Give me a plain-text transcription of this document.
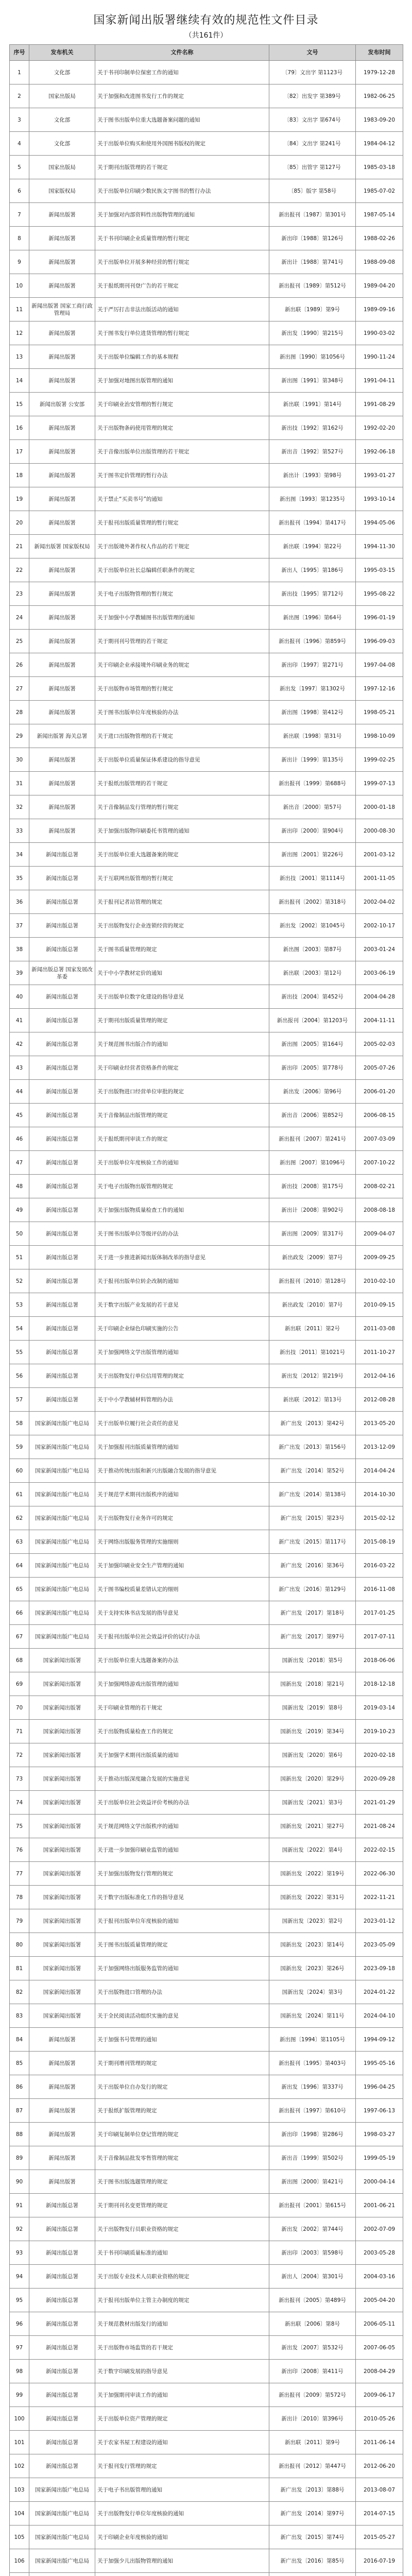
国家新闻出版署继续有效的规范性文件目录
（共161件）
序号	发布机关	文件名称	文号	发布时间
1	文化部	关于书刊印制单位保密工作的通知	〔79〕文出字 第1123号	1979-12-28
2	国家出版局	关于加强和改进图书发行工作的规定	〔82〕出发字 第389号	1982-06-25
3	文化部	关于图书出版单位重大选题备案问题的通知	〔83〕文出字 第674号	1983-09-20
4	文化部	关于出版单位购买和使用外国图书版权的规定	〔84〕文出字 第241号	1984-04-12
5	国家出版局	关于期刊出版管理的若干规定	〔85〕出管字 第127号	1985-03-18
6	国家版权局	关于出版单位印刷少数民族文字图书的暂行办法	〔85〕版字 第58号	1985-07-02
7	新闻出版署	关于加强对内部资料性出版物管理的通知	新出报刊〔1987〕第301号	1987-05-14
8	新闻出版署	关于书刊印刷企业质量管理的暂行规定	新出印〔1988〕第126号	1988-02-26
9	新闻出版署	关于出版单位开展多种经营的暂行规定	新出计〔1988〕第741号	1988-09-08
10	新闻出版署	关于报纸期刊刊登广告的若干规定	新出报刊〔1989〕第512号	1989-04-20
11	新闻出版署 国家工商行政管理局	关于严厉打击非法出版活动的通知	新出联〔1989〕第9号	1989-09-16
12	新闻出版署	关于图书发行单位进货管理的暂行规定	新出发〔1990〕第215号	1990-03-02
13	新闻出版署	关于出版单位编辑工作的基本规程	新出图〔1990〕第1056号	1990-11-24
14	新闻出版署	关于加强对地图出版管理的通知	新出图〔1991〕第348号	1991-04-11
15	新闻出版署 公安部	关于印刷业治安管理的暂行规定	新出联〔1991〕第14号	1991-08-29
16	新闻出版署	关于出版物条码使用管理的规定	新出技〔1992〕第162号	1992-02-20
17	新闻出版署	关于音像出版单位出版管理的若干规定	新出音〔1992〕第527号	1992-06-18
18	新闻出版署	关于图书定价管理的暂行办法	新出计〔1993〕第98号	1993-01-27
19	新闻出版署	关于禁止“买卖书号”的通知	新出图〔1993〕第1235号	1993-10-14
20	新闻出版署	关于报刊出版质量管理的暂行规定	新出报刊〔1994〕第417号	1994-05-06
21	新闻出版署 国家版权局	关于出版境外著作权人作品的若干规定	新出联〔1994〕第22号	1994-11-30
22	新闻出版署	关于出版单位社长总编辑任职条件的规定	新出人〔1995〕第186号	1995-03-15
23	新闻出版署	关于电子出版物管理的暂行规定	新出技〔1995〕第712号	1995-08-22
24	新闻出版署	关于加强中小学教辅图书出版管理的通知	新出图〔1996〕第64号	1996-01-19
25	新闻出版署	关于期刊刊号管理的若干规定	新出报刊〔1996〕第859号	1996-09-03
26	新闻出版署	关于印刷企业承接境外印刷业务的规定	新出印〔1997〕第271号	1997-04-08
27	新闻出版署	关于出版物市场管理的暂行规定	新出发〔1997〕第1302号	1997-12-16
28	新闻出版署	关于图书出版单位年度核验的办法	新出图〔1998〕第412号	1998-05-21
29	新闻出版署 海关总署	关于进口出版物管理的若干规定	新出联〔1998〕第31号	1998-10-09
30	新闻出版署	关于出版单位质量保证体系建设的指导意见	新出计〔1999〕第135号	1999-02-25
31	新闻出版署	关于报纸出版管理的若干规定	新出报刊〔1999〕第688号	1999-07-13
32	新闻出版署	关于音像制品发行管理的暂行规定	新出音〔2000〕第57号	2000-01-18
33	新闻出版署	关于加强出版物印刷委托书管理的通知	新出印〔2000〕第904号	2000-08-30
34	新闻出版总署	关于出版单位重大选题备案的规定	新出图〔2001〕第226号	2001-03-12
35	新闻出版总署	关于互联网出版管理的暂行规定	新出技〔2001〕第1114号	2001-11-05
36	新闻出版总署	关于报刊记者站管理的规定	新出报刊〔2002〕第318号	2002-04-02
37	新闻出版总署	关于出版物发行企业连锁经营的规定	新出发〔2002〕第1045号	2002-10-17
38	新闻出版总署	关于图书质量管理的规定	新出图〔2003〕第87号	2003-01-24
39	新闻出版总署 国家发展改革委	关于中小学教材定价的通知	新出联〔2003〕第12号	2003-06-19
40	新闻出版总署	关于出版单位数字化建设的指导意见	新出技〔2004〕第452号	2004-04-28
41	新闻出版总署	关于期刊出版质量管理的规定	新出报刊〔2004〕第1203号	2004-11-11
42	新闻出版总署	关于规范图书出版合作的通知	新出图〔2005〕第164号	2005-02-03
43	新闻出版总署	关于印刷业经营者资格条件的规定	新出印〔2005〕第778号	2005-07-26
44	新闻出版总署	关于出版物进口经营单位审批的规定	新出发〔2006〕第96号	2006-01-20
45	新闻出版总署	关于音像制品出版管理的规定	新出音〔2006〕第852号	2006-08-15
46	新闻出版总署	关于报纸期刊审读工作的规定	新出报刊〔2007〕第241号	2007-03-09
47	新闻出版总署	关于出版单位年度核验工作的通知	新出图〔2007〕第1096号	2007-10-22
48	新闻出版总署	关于电子出版物出版管理的规定	新出技〔2008〕第175号	2008-02-21
49	新闻出版总署	关于加强出版物质量检查工作的通知	新出计〔2008〕第902号	2008-08-18
50	新闻出版总署	关于图书出版单位等级评估的办法	新出图〔2009〕第317号	2009-04-07
51	新闻出版总署	关于进一步推进新闻出版体制改革的指导意见	新出政发〔2009〕第7号	2009-09-25
52	新闻出版总署	关于报刊出版单位转企改制的通知	新出报刊〔2010〕第128号	2010-02-10
53	新闻出版总署	关于数字出版产业发展的若干意见	新出政发〔2010〕第7号	2010-09-15
54	新闻出版总署	关于印刷企业绿色印刷实施的公告	新出联〔2011〕第2号	2011-03-08
55	新闻出版总署	关于加强网络文学出版管理的通知	新出技〔2011〕第1021号	2011-10-27
56	新闻出版总署	关于出版物发行单位信用管理的规定	新出发〔2012〕第219号	2012-04-16
57	新闻出版总署	关于中小学教辅材料管理的办法	新出联〔2012〕第13号	2012-08-28
58	国家新闻出版广电总局	关于出版单位履行社会责任的意见	新广出发〔2013〕第42号	2013-05-20
59	国家新闻出版广电总局	关于加强报刊出版质量管理的通知	新广出发〔2013〕第156号	2013-12-09
60	国家新闻出版广电总局	关于推动传统出版和新兴出版融合发展的指导意见	新广出发〔2014〕第52号	2014-04-24
61	国家新闻出版广电总局	关于规范学术期刊出版秩序的通知	新广出发〔2014〕第138号	2014-10-30
62	国家新闻出版广电总局	关于出版物发行业务许可的规定	新广出发〔2015〕第23号	2015-02-12
63	国家新闻出版广电总局	关于网络出版服务管理的实施细则	新广出发〔2015〕第117号	2015-08-19
64	国家新闻出版广电总局	关于加强印刷业安全生产管理的通知	新广出发〔2016〕第36号	2016-03-22
65	国家新闻出版广电总局	关于图书编校质量差错认定的细则	新广出发〔2016〕第129号	2016-11-08
66	国家新闻出版广电总局	关于支持实体书店发展的指导意见	新广出发〔2017〕第18号	2017-01-25
67	国家新闻出版广电总局	关于报刊出版单位社会效益评价的试行办法	新广出发〔2017〕第97号	2017-07-11
68	国家新闻出版署	关于出版单位重大选题备案的办法	国新出发〔2018〕第5号	2018-06-06
69	国家新闻出版署	关于加强网络游戏出版管理的通知	国新出发〔2018〕第21号	2018-12-18
70	国家新闻出版署	关于印刷业管理的若干规定	国新出发〔2019〕第8号	2019-03-14
71	国家新闻出版署	关于出版物质量检查工作的规定	国新出发〔2019〕第34号	2019-10-23
72	国家新闻出版署	关于加强学术期刊出版质量的通知	国新出发〔2020〕第6号	2020-02-18
73	国家新闻出版署	关于推动出版深度融合发展的实施意见	国新出发〔2020〕第29号	2020-09-28
74	国家新闻出版署	关于出版单位社会效益评价考核的办法	国新出发〔2021〕第3号	2021-01-29
75	国家新闻出版署	关于规范网络文学出版秩序的通知	国新出发〔2021〕第27号	2021-08-24
76	国家新闻出版署	关于进一步加强印刷业监管的通知	国新出发〔2022〕第4号	2022-02-15
77	国家新闻出版署	关于加强出版物发行管理的规定	国新出发〔2022〕第19号	2022-06-30
78	国家新闻出版署	关于数字出版标准化工作的指导意见	国新出发〔2022〕第31号	2022-11-21
79	国家新闻出版署	关于报刊出版单位年度核验的通知	国新出发〔2023〕第2号	2023-01-12
80	国家新闻出版署	关于图书出版质量管理的规定	国新出发〔2023〕第14号	2023-05-09
81	国家新闻出版署	关于加强网络出版服务监管的通知	国新出发〔2023〕第26号	2023-09-18
82	国家新闻出版署	关于出版物进口管理的办法	国新出发〔2024〕第3号	2024-01-22
83	国家新闻出版署	关于全民阅读活动组织实施的意见	国新出发〔2024〕第11号	2024-04-10
84	新闻出版署	关于加强书号管理的通知	新出图〔1994〕第1105号	1994-09-12
85	新闻出版署	关于期刊增刊管理的规定	新出报刊〔1995〕第403号	1995-05-16
86	新闻出版署	关于出版单位自办发行的规定	新出发〔1996〕第337号	1996-04-25
87	新闻出版署	关于报纸扩版管理的规定	新出报刊〔1997〕第610号	1997-06-13
88	新闻出版署	关于印刷复制单位登记管理的规定	新出印〔1998〕第286号	1998-03-27
89	新闻出版署	关于音像制品批发零售管理的规定	新出音〔1999〕第502号	1999-05-19
90	新闻出版署	关于图书出版选题管理的规定	新出图〔2000〕第421号	2000-04-14
91	新闻出版总署	关于期刊刊名变更管理的规定	新出报刊〔2001〕第615号	2001-06-21
92	新闻出版总署	关于出版物发行员职业资格的规定	新出发〔2002〕第744号	2002-07-09
93	新闻出版总署	关于书刊印刷质量标准的通知	新出印〔2003〕第598号	2003-05-28
94	新闻出版总署	关于出版专业技术人员职业资格的规定	新出人〔2004〕第301号	2004-03-16
95	新闻出版总署	关于报刊出版单位主管主办制度的规定	新出报刊〔2005〕第489号	2005-04-20
96	新闻出版总署	关于规范教材出版发行的通知	新出联〔2006〕第8号	2006-05-11
97	新闻出版总署	关于出版物市场监管的若干规定	新出发〔2007〕第532号	2007-06-05
98	新闻出版总署	关于数字印刷发展的指导意见	新出印〔2008〕第411号	2008-04-29
99	新闻出版总署	关于加强期刊审读工作的通知	新出报刊〔2009〕第572号	2009-06-17
100	新闻出版总署	关于出版单位资产管理的规定	新出计〔2010〕第396号	2010-05-26
101	新闻出版总署	关于农家书屋工程建设的通知	新出联〔2011〕第9号	2011-06-14
102	新闻出版总署	关于报刊发行管理的规定	新出报刊〔2012〕第447号	2012-06-20
103	国家新闻出版广电总局	关于电子书出版管理的通知	新广出发〔2013〕第88号	2013-08-07
104	国家新闻出版广电总局	关于出版物发行单位年度核验的通知	新广出发〔2014〕第97号	2014-07-15
105	国家新闻出版广电总局	关于印刷企业年度核验的通知	新广出发〔2015〕第74号	2015-05-27
106	国家新闻出版广电总局	关于加强少儿出版物管理的通知	新广出发〔2016〕第85号	2016-07-19
